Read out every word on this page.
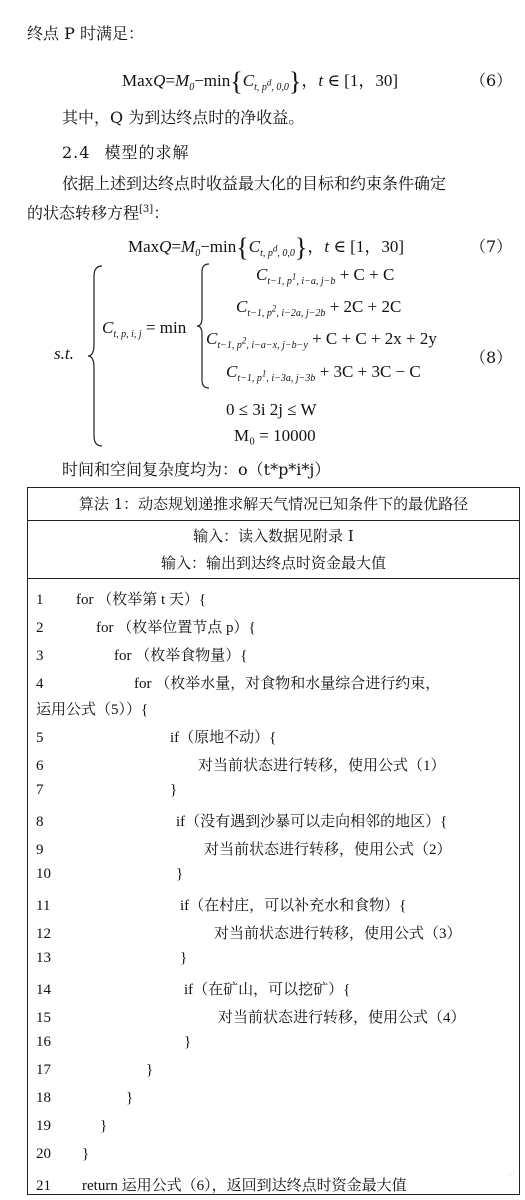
终点 P 时满足：
$MaxQ=M_0-\min\{C_{t, p^d, 0,0}\}$，t ∈ [1，30]	（6）
其中，Q 为到达终点时的净收益。
2.4 模型的求解
依据上述到达终点时收益最大化的目标和约束条件确定
的状态转移方程[3]：
$MaxQ=M_0-\min\{C_{t, p^d, 0,0}\}$，t ∈ [1，30]	（7）
s.t.
$C_{t, p, i, j} = \min$
$C_{t-1, p^1, i-a, j-b} + C + C$
$C_{t-1, p^2, i-2a, j-2b} + 2C + 2C$
$C_{t-1, p^2, i-a-x, j-b-y} + C + C + 2x + 2y$
$C_{t-1, p^1, i-3a, j-3b} + 3C + 3C - C$
（8）
0 ≤ 3i 2j ≤ W
M₀ = 10000
时间和空间复杂度均为：o（t*p*i*j）
算法 1：动态规划递推求解天气情况已知条件下的最优路径
输入：读入数据见附录 I
输入：输出到达终点时资金最大值
1 for （枚举第 t 天）{
2	for （枚举位置节点 p）{
3	for （枚举食物量）{
4	for （枚举水量，对食物和水量综合进行约束，
运用公式（5））{
5	if（原地不动）{
6	对当前状态进行转移，使用公式（1）
7	}
8	if（没有遇到沙暴可以走向相邻的地区）{
9	对当前状态进行转移，使用公式（2）
10	}
11	if（在村庄，可以补充水和食物）{
12	对当前状态进行转移，使用公式（3）
13	}
14	if（在矿山，可以挖矿）{
15	对当前状态进行转移，使用公式（4）
16	}
17	}
18	}
19	}
20 }
21 return 运用公式（6），返回到达终点时资金最大值
···
